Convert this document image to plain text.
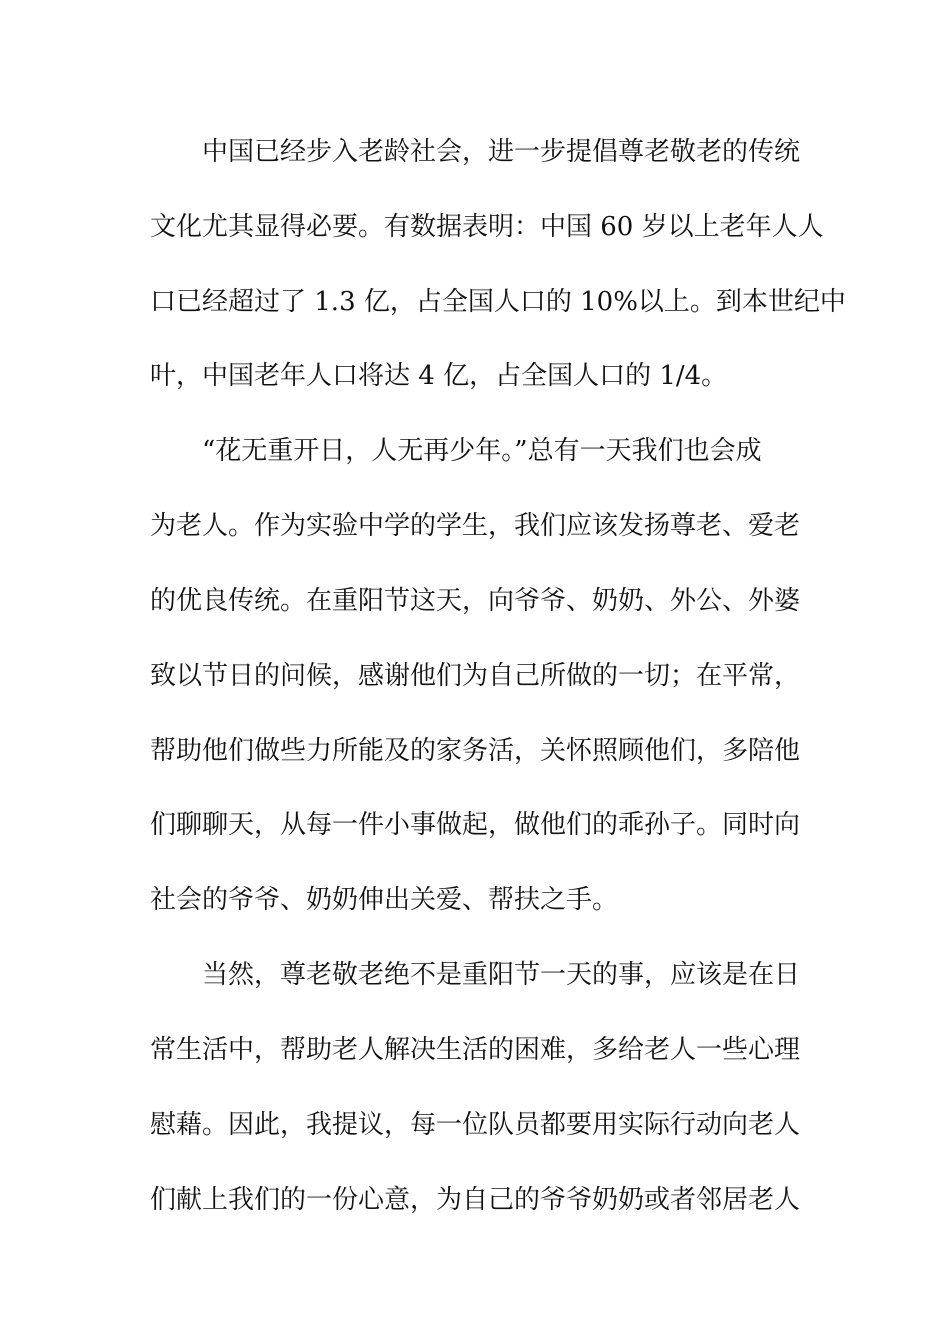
中国已经步入老龄社会，进一步提倡尊老敬老的传统

文化尤其显得必要。有数据表明：中国 60 岁以上老年人人

口已经超过了 1.3 亿，占全国人口的 10%以上。到本世纪中

叶，中国老年人口将达 4 亿，占全国人口的 1/4。

“花无重开日，人无再少年。”总有一天我们也会成

为老人。作为实验中学的学生，我们应该发扬尊老、爱老

的优良传统。在重阳节这天，向爷爷、奶奶、外公、外婆

致以节日的问候，感谢他们为自己所做的一切；在平常，

帮助他们做些力所能及的家务活，关怀照顾他们，多陪他

们聊聊天，从每一件小事做起，做他们的乖孙子。同时向

社会的爷爷、奶奶伸出关爱、帮扶之手。

当然，尊老敬老绝不是重阳节一天的事，应该是在日

常生活中，帮助老人解决生活的困难，多给老人一些心理

慰藉。因此，我提议，每一位队员都要用实际行动向老人

们献上我们的一份心意，为自己的爷爷奶奶或者邻居老人
